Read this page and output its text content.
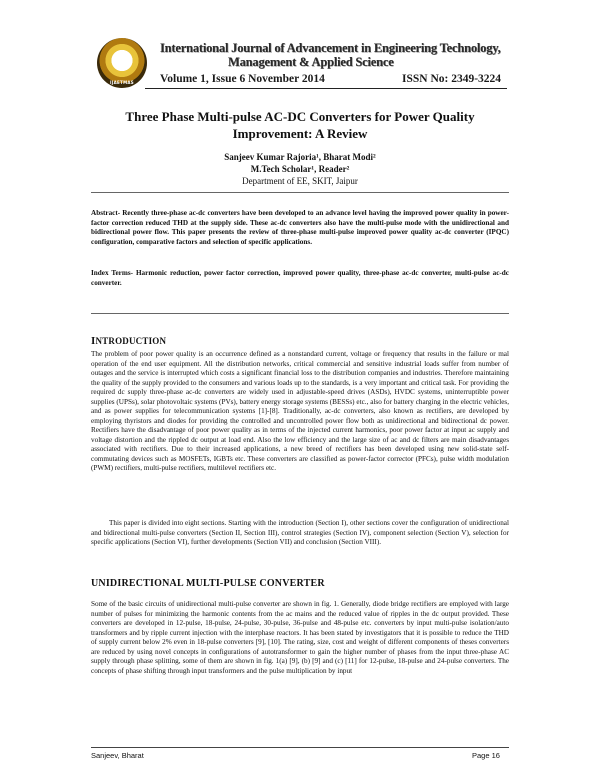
IJAETMAS
International Journal of Advancement in Engineering Technology,
Management & Applied Science
Volume 1, Issue 6 November 2014	ISSN No: 2349-3224
Three Phase Multi-pulse AC-DC Converters for Power Quality Improvement: A Review
Sanjeev Kumar Rajoria¹, Bharat Modi²
M.Tech Scholar¹, Reader²
Department of EE, SKIT, Jaipur
Abstract- Recently three-phase ac-dc converters have been developed to an advance level having the improved power quality in power-factor correction reduced THD at the supply side. These ac-dc converters also have the multi-pulse mode with the unidirectional and bidirectional power flow. This paper presents the review of three-phase multi-pulse improved power quality ac-dc converter (IPQC) configuration, comparative factors and selection of specific applications.
Index Terms- Harmonic reduction, power factor correction, improved power quality, three-phase ac-dc converter, multi-pulse ac-dc converter.
INTRODUCTION
The problem of poor power quality is an occurrence defined as a nonstandard current, voltage or frequency that results in the failure or mal operation of the end user equipment. All the distribution networks, critical commercial and sensitive industrial loads suffer from number of outages and the service is interrupted which costs a significant financial loss to the distribution companies and industries. Therefore maintaining the quality of the supply provided to the consumers and various loads up to the standards, is a very important and critical task. For providing the required dc supply three-phase ac-dc converters are widely used in adjustable-speed drives (ASDs), HVDC systems, uninterruptible power supplies (UPSs), solar photovoltaic systems (PVs), battery energy storage systems (BESSs) etc., also for battery charging in the electric vehicles, and as power supplies for telecommunication systems [1]-[8]. Traditionally, ac-dc converters, also known as rectifiers, are developed by employing thyristors and diodes for providing the controlled and uncontrolled power flow both as unidirectional and bidirectional dc power. Rectifiers have the disadvantage of poor power quality as in terms of the injected current harmonics, poor power factor at input ac supply and voltage distortion and the rippled dc output at load end. Also the low efficiency and the large size of ac and dc filters are main disadvantages associated with rectifiers. Due to their increased applications, a new breed of rectifiers has been developed using new solid-state self-commutating devices such as MOSFETs, IGBTs etc. These converters are classified as power-factor corrector (PFCs), pulse width modulation (PWM) rectifiers, multi-pulse rectifiers, multilevel rectifiers etc.
This paper is divided into eight sections. Starting with the introduction (Section I), other sections cover the configuration of unidirectional and bidirectional multi-pulse converters (Section II, Section III), control strategies (Section IV), component selection (Section V), selection for specific applications (Section VI), further developments (Section VII) and conclusion (Section VIII).
UNIDIRECTIONAL MULTI-PULSE CONVERTER
Some of the basic circuits of unidirectional multi-pulse converter are shown in fig. 1. Generally, diode bridge rectifiers are employed with large number of pulses for minimizing the harmonic contents from the ac mains and the reduced value of ripples in the dc output provided. These converters are developed in 12-pulse, 18-pulse, 24-pulse, 30-pulse, 36-pulse and 48-pulse etc. converters by input multi-pulse isolation/auto transformers and by ripple current injection with the interphase reactors. It has been stated by investigators that it is possible to reduce the THD of supply current below 2% even in 18-pulse converters [9], [10]. The rating, size, cost and weight of different components of theses converters are reduced by using novel concepts in configurations of autotransformer to gain the higher number of phases from the input three-phase AC supply through phase splitting, some of them are shown in fig. 1(a) [9], (b) [9] and (c) [11] for 12-pulse, 18-pulse and 24-pulse converters. The concepts of phase shifting through input transformers and the pulse multiplication by input
Sanjeev, Bharat	Page 16
